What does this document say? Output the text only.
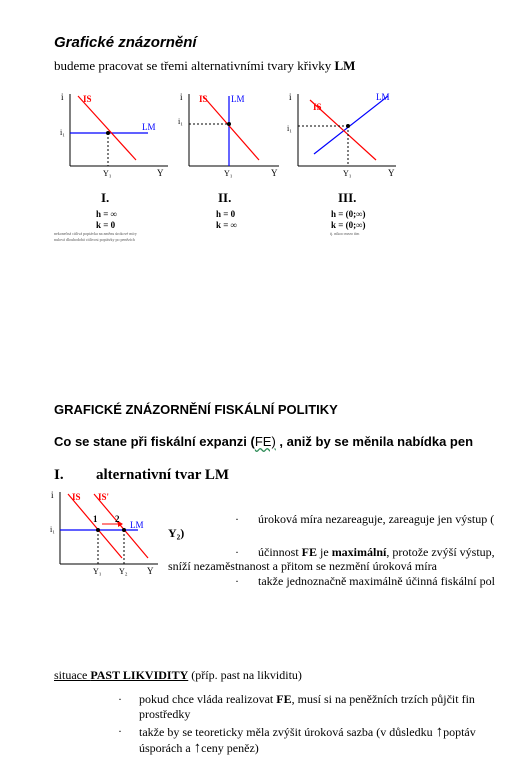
Grafické znázornění
budeme pracovat se třemi alternativními tvary křivky LM
i
i₁
IS
LM
Y₁	Y
i
i₁
IS	LM
Y₁	Y
i
i₁
IS
LM
Y₁	Y
I.
h = ∞
k = 0
nekonečná citlivá poptávka na změnu úrokové míry
nulová dlouhodobá citlivost poptávky po penězích
II.
h = 0
k = ∞
III.
h = (0;∞)
k = (0;∞)
tj. nikoo mezo tím
GRAFICKÉ ZNÁZORNĚNÍ FISKÁLNÍ POLITIKY
Co se stane při fiskální expanzi (FE) , aniž by se měnila nabídka pen
I. alternativní tvar LM
i
i₁
IS IS'
1 2
LM
Y₁ Y₂ Y
· úroková míra nezareaguje, zareaguje jen výstup (
Y₂)
· účinnost FE je maximální, protože zvýší výstup,
sníží nezaměstnanost a přitom se nezmění úroková míra
· takže jednoznačně maximálně účinná fiskální pol
situace PAST LIKVIDITY (příp. past na likviditu)
· pokud chce vláda realizovat FE, musí si na peněžních trzích půjčit fin
prostředky
· takže by se teoreticky měla zvýšit úroková sazba (v důsledku ↑poptáv
úsporách a ↑ceny peněz)
